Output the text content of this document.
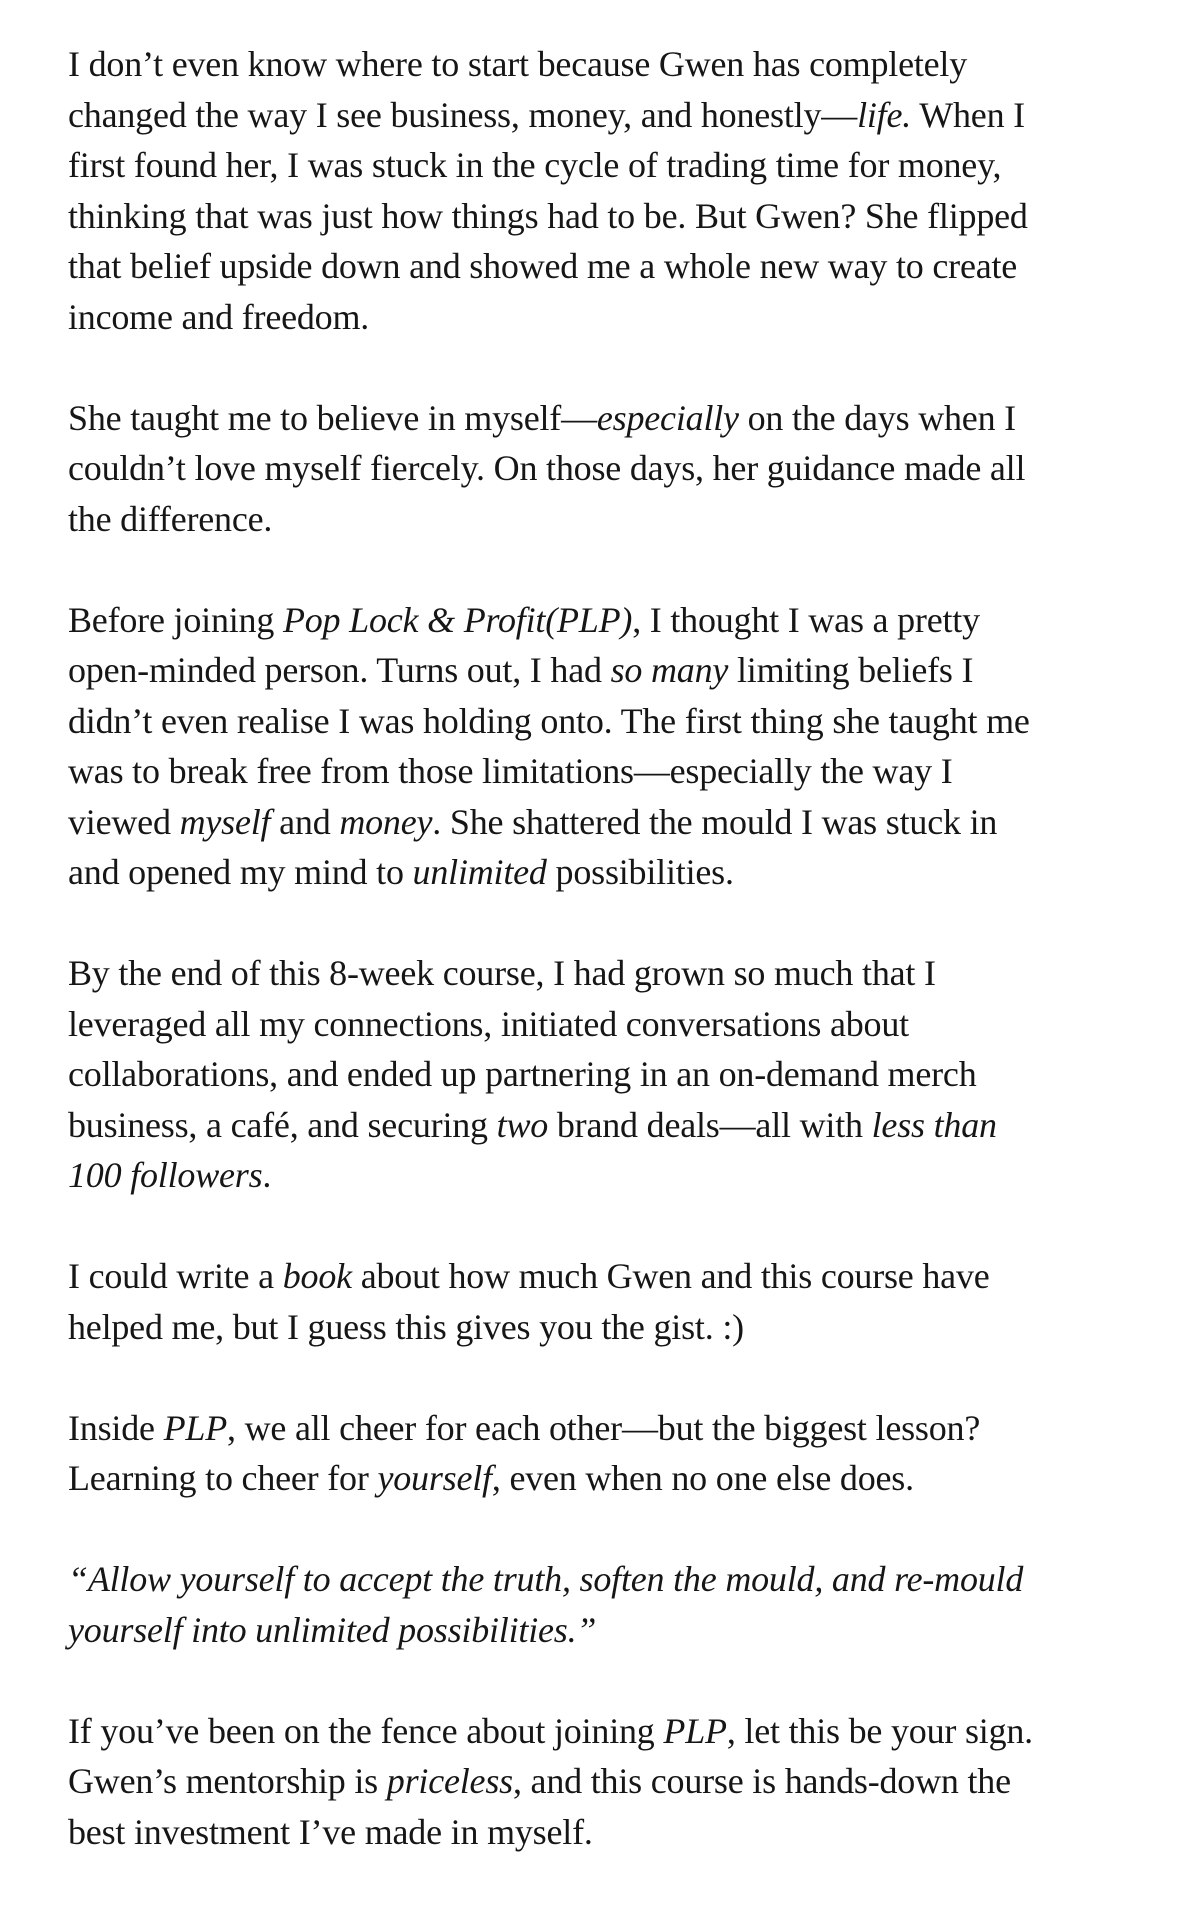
I don’t even know where to start because Gwen has completely
changed the way I see business, money, and honestly—life. When I
first found her, I was stuck in the cycle of trading time for money,
thinking that was just how things had to be. But Gwen? She flipped
that belief upside down and showed me a whole new way to create
income and freedom.

She taught me to believe in myself—especially on the days when I
couldn’t love myself fiercely. On those days, her guidance made all
the difference.

Before joining Pop Lock & Profit(PLP), I thought I was a pretty
open-minded person. Turns out, I had so many limiting beliefs I
didn’t even realise I was holding onto. The first thing she taught me
was to break free from those limitations—especially the way I
viewed myself and money. She shattered the mould I was stuck in
and opened my mind to unlimited possibilities.

By the end of this 8-week course, I had grown so much that I
leveraged all my connections, initiated conversations about
collaborations, and ended up partnering in an on-demand merch
business, a café, and securing two brand deals—all with less than
100 followers.

I could write a book about how much Gwen and this course have
helped me, but I guess this gives you the gist. :)

Inside PLP, we all cheer for each other—but the biggest lesson?
Learning to cheer for yourself, even when no one else does.

“Allow yourself to accept the truth, soften the mould, and re-mould
yourself into unlimited possibilities.”

If you’ve been on the fence about joining PLP, let this be your sign.
Gwen’s mentorship is priceless, and this course is hands-down the
best investment I’ve made in myself.
